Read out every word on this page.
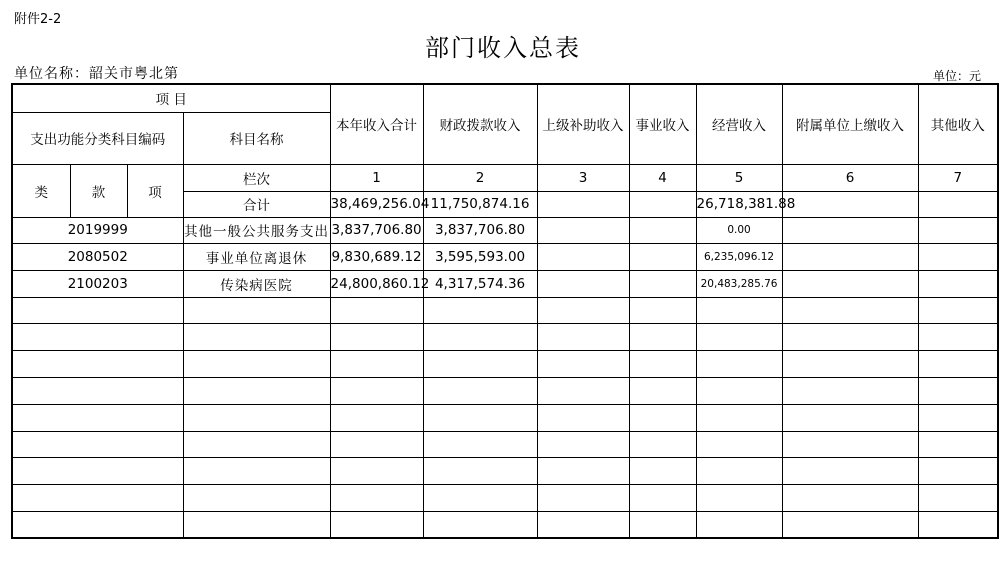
附件2-2
部门收入总表
单位名称：韶关市粤北第	单位：元
项 目				本年收入合计	财政拨款收入	上级补助收入	事业收入	经营收入	附属单位上缴收入	其他收入
支出功能分类科目编码			科目名称							
类	款	项	栏次	1	2	3	4	5	6	7
			合计	38,469,256.04	11,750,874.16			26,718,381.88		
2019999			其他一般公共服务支出	3,837,706.80	3,837,706.80			0.00		
2080502			事业单位离退休	9,830,689.12	3,595,593.00			6,235,096.12		
2100203			传染病医院	24,800,860.12	4,317,574.36			20,483,285.76		
